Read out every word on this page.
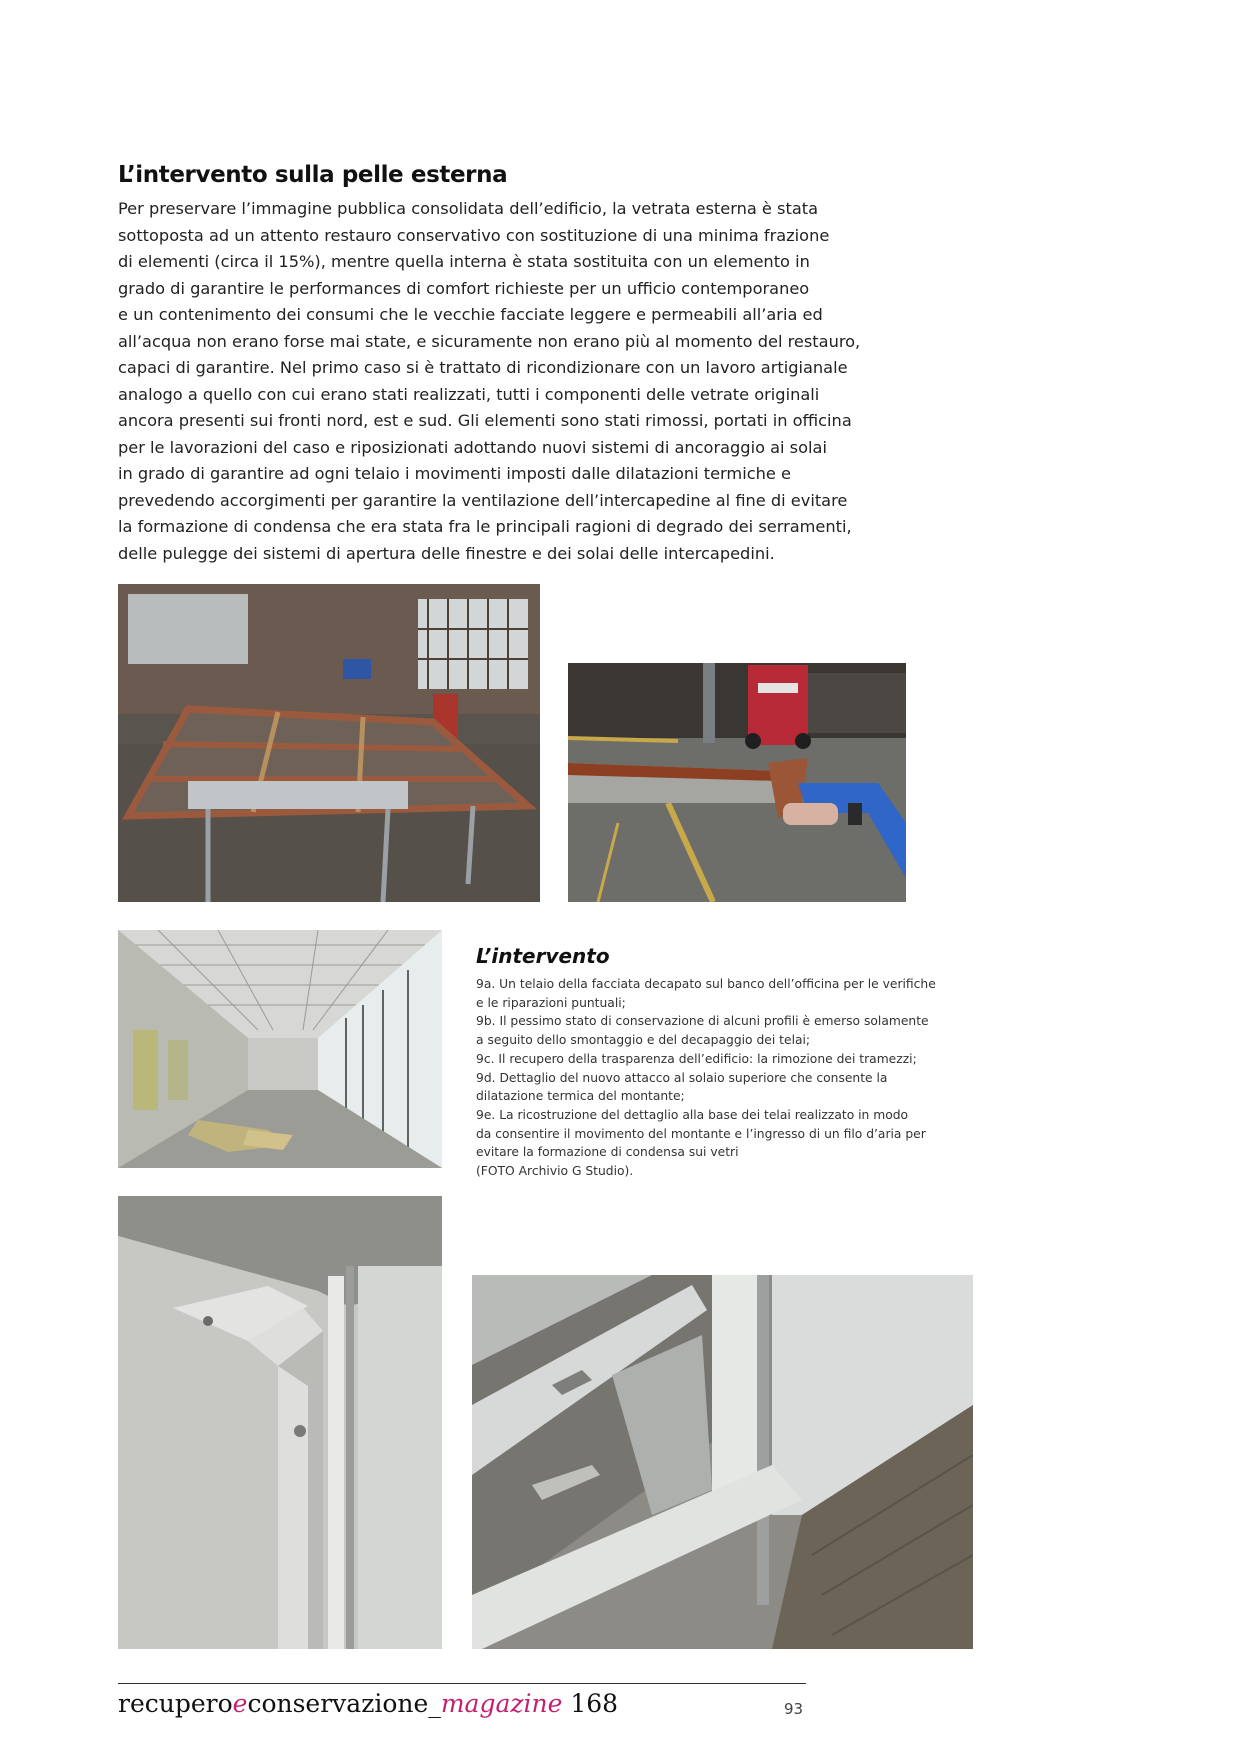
L’intervento sulla pelle esterna

Per preservare l’immagine pubblica consolidata dell’edificio, la vetrata esterna è stata
sottoposta ad un attento restauro conservativo con sostituzione di una minima frazione
di elementi (circa il 15%), mentre quella interna è stata sostituita con un elemento in
grado di garantire le performances di comfort richieste per un ufficio contemporaneo
e un contenimento dei consumi che le vecchie facciate leggere e permeabili all’aria ed
all’acqua non erano forse mai state, e sicuramente non erano più al momento del restauro,
capaci di garantire. Nel primo caso si è trattato di ricondizionare con un lavoro artigianale
analogo a quello con cui erano stati realizzati, tutti i componenti delle vetrate originali
ancora presenti sui fronti nord, est e sud. Gli elementi sono stati rimossi, portati in officina
per le lavorazioni del caso e riposizionati adottando nuovi sistemi di ancoraggio ai solai
in grado di garantire ad ogni telaio i movimenti imposti dalle dilatazioni termiche e
prevedendo accorgimenti per garantire la ventilazione dell’intercapedine al fine di evitare
la formazione di condensa che era stata fra le principali ragioni di degrado dei serramenti,
delle pulegge dei sistemi di apertura delle finestre e dei solai delle intercapedini.

L’intervento
9a. Un telaio della facciata decapato sul banco dell’officina per le verifiche
e le riparazioni puntuali;
9b. Il pessimo stato di conservazione di alcuni profili è emerso solamente
a seguito dello smontaggio e del decapaggio dei telai;
9c. Il recupero della trasparenza dell’edificio: la rimozione dei tramezzi;
9d. Dettaglio del nuovo attacco al solaio superiore che consente la
dilatazione termica del montante;
9e. La ricostruzione del dettaglio alla base dei telai realizzato in modo
da consentire il movimento del montante e l’ingresso di un filo d’aria per
evitare la formazione di condensa sui vetri
(FOTO Archivio G Studio).
recuperoeconservazione_magazine 168	93
